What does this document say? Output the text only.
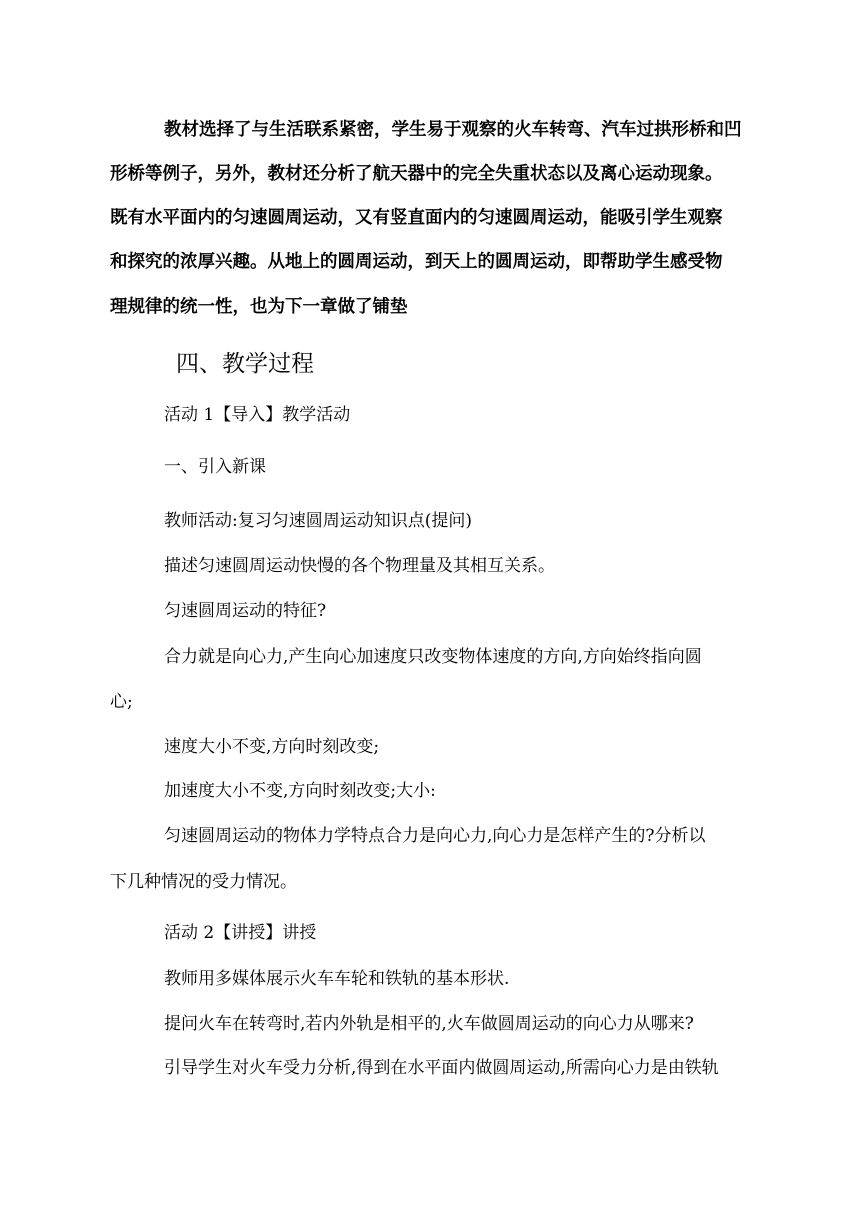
教材选择了与生活联系紧密，学生易于观察的火车转弯、汽车过拱形桥和凹
形桥等例子，另外，教材还分析了航天器中的完全失重状态以及离心运动现象。
既有水平面内的匀速圆周运动，又有竖直面内的匀速圆周运动，能吸引学生观察
和探究的浓厚兴趣。从地上的圆周运动，到天上的圆周运动，即帮助学生感受物
理规律的统一性，也为下一章做了铺垫
四、教学过程
活动 1【导入】教学活动
一、引入新课
教师活动:复习匀速圆周运动知识点(提问)
描述匀速圆周运动快慢的各个物理量及其相互关系。
匀速圆周运动的特征?
合力就是向心力,产生向心加速度只改变物体速度的方向,方向始终指向圆
心;
速度大小不变,方向时刻改变;
加速度大小不变,方向时刻改变;大小:
匀速圆周运动的物体力学特点合力是向心力,向心力是怎样产生的?分析以
下几种情况的受力情况。
活动 2【讲授】讲授
教师用多媒体展示火车车轮和铁轨的基本形状.
提问火车在转弯时,若内外轨是相平的,火车做圆周运动的向心力从哪来?
引导学生对火车受力分析,得到在水平面内做圆周运动,所需向心力是由铁轨
